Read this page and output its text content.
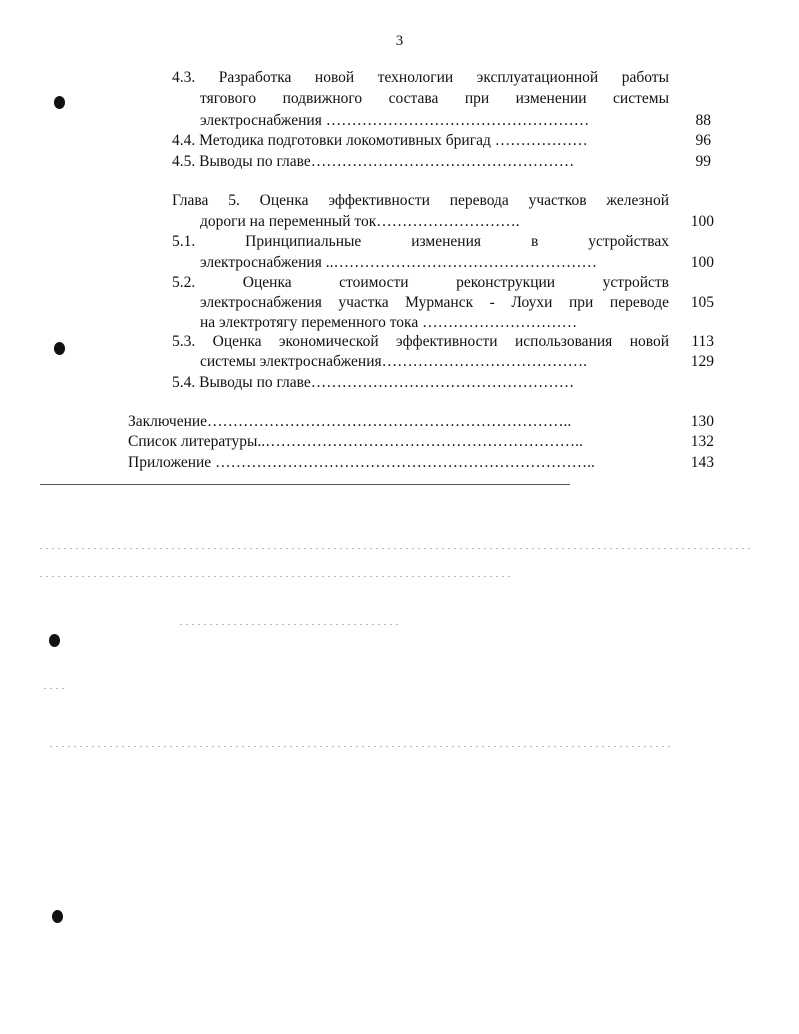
3
4.3. Разработка новой технологии эксплуатационной работы
тягового подвижного состава при изменении системы
электроснабжения ……………………………………………	88
4.4. Методика подготовки локомотивных бригад ………………	96
4.5. Выводы по главе……………………………………………	99
Глава 5. Оценка эффективности перевода участков железной
дороги на переменный ток……………………….	100
5.1. Принципиальные изменения в устройствах
электроснабжения ..……………………………………………	100
5.2. Оценка стоимости реконструкции устройств
электроснабжения участка Мурманск - Лоухи при переводе	105
на электротягу переменного тока …………………………
5.3. Оценка экономической эффективности использования новой	113
системы электроснабжения………………………………….	129
5.4. Выводы по главе……………………………………………
Заключение……………………………………………………………..	130
Список литературы..……………………………………………………..	132
Приложение ………………………………………………………………..	143
